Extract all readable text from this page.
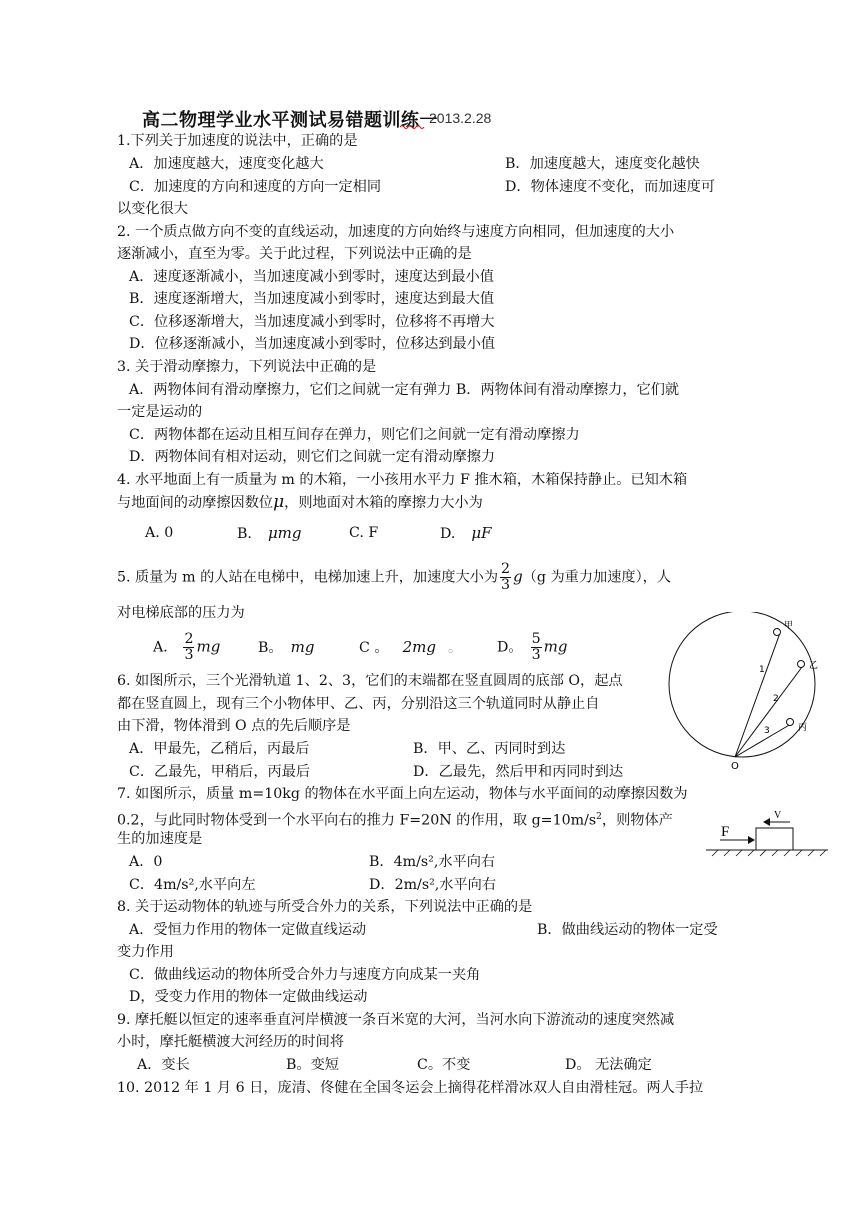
高二物理学业水平测试易错题训练一
2013.2.28
1.下列关于加速度的说法中，正确的是
A．加速度越大，速度变化越大	B．加速度越大，速度变化越快
C．加速度的方向和速度的方向一定相同	D．物体速度不变化，而加速度可
以变化很大
2. 一个质点做方向不变的直线运动，加速度的方向始终与速度方向相同，但加速度的大小
逐渐减小，直至为零。关于此过程，下列说法中正确的是
A．速度逐渐减小，当加速度减小到零时，速度达到最小值
B．速度逐渐增大，当加速度减小到零时，速度达到最大值
C．位移逐渐增大，当加速度减小到零时，位移将不再增大
D．位移逐渐减小，当加速度减小到零时，位移达到最小值
3. 关于滑动摩擦力，下列说法中正确的是
A．两物体间有滑动摩擦力，它们之间就一定有弹力 B．两物体间有滑动摩擦力，它们就
一定是运动的
C．两物体都在运动且相互间存在弹力，则它们之间就一定有滑动摩擦力
D．两物体间有相对运动，则它们之间就一定有滑动摩擦力
4. 水平地面上有一质量为 m 的木箱，一小孩用水平力 F 推木箱，木箱保持静止。已知木箱
与地面间的动摩擦因数位μ，则地面对木箱的摩擦力大小为
A. 0	B. μmg	C. F	D. μF
5. 质量为 m 的人站在电梯中，电梯加速上升，加速度大小为 $\frac{2}{3} g(g$ 为重力加速度），人
对电梯底部的压力为
A． $\frac{2}{3}$ mg	B。 mg	C 。 2mg 。 D。 $\frac{5}{3}$ mg
6. 如图所示，三个光滑轨道 1、2、3，它们的末端都在竖直圆周的底部 O，起点
都在竖直圆上，现有三个小物体甲、乙、丙，分别沿这三个轨道同时从静止自
由下滑，物体滑到 O 点的先后顺序是
A．甲最先，乙稍后，丙最后	B．甲、乙、丙同时到达
C．乙最先，甲稍后，丙最后	D．乙最先，然后甲和丙同时到达
甲
乙
丙
1
2
3
O
7. 如图所示，质量 m=10kg 的物体在水平面上向左运动，物体与水平面间的动摩擦因数为
0.2，与此同时物体受到一个水平向右的推力 F=20N 的作用，取 $g=10m/s^2$，则物体产
生的加速度是
A．0	B．4m/s²,水平向右
C．4m/s²,水平向左	D．2m/s²,水平向右
F
V
8. 关于运动物体的轨迹与所受合外力的关系，下列说法中正确的是
A．受恒力作用的物体一定做直线运动	B．做曲线运动的物体一定受
变力作用
C．做曲线运动的物体所受合外力与速度方向成某一夹角
D，受变力作用的物体一定做曲线运动
9. 摩托艇以恒定的速率垂直河岸横渡一条百米宽的大河，当河水向下游流动的速度突然减
小时，摩托艇横渡大河经历的时间将
A．变长	B。变短	C。不变	D。 无法确定
10. 2012 年 1 月 6 日，庞清、佟健在全国冬运会上摘得花样滑冰双人自由滑桂冠。两人手拉
